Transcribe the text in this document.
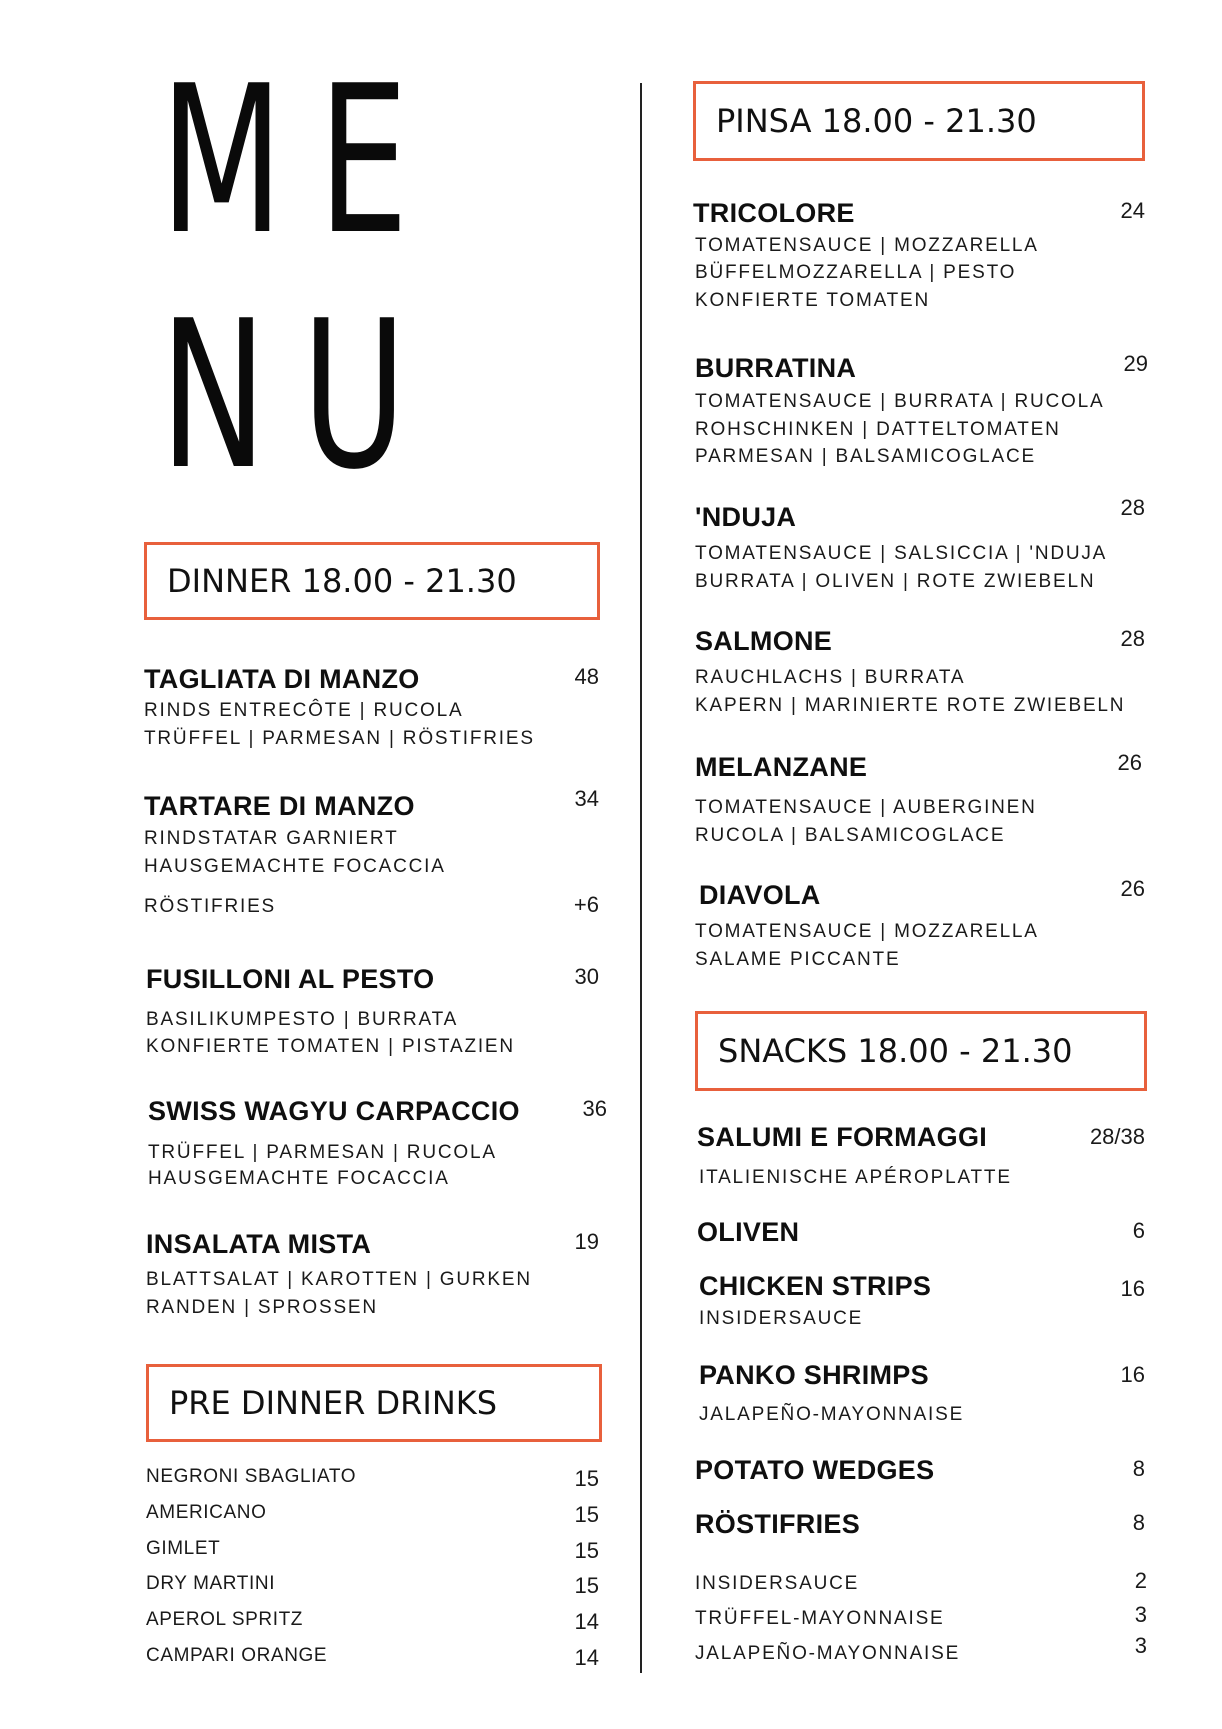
ME
NU
DINNER 18.00 - 21.30
TAGLIATA DI MANZO	48
RINDS ENTRECÔTE | RUCOLA
TRÜFFEL | PARMESAN | RÖSTIFRIES
TARTARE DI MANZO	34
RINDSTATAR GARNIERT
HAUSGEMACHTE FOCACCIA
RÖSTIFRIES	+6
FUSILLONI AL PESTO	30
BASILIKUMPESTO | BURRATA
KONFIERTE TOMATEN | PISTAZIEN
SWISS WAGYU CARPACCIO	36
TRÜFFEL | PARMESAN | RUCOLA
HAUSGEMACHTE FOCACCIA
INSALATA MISTA	19
BLATTSALAT | KAROTTEN | GURKEN
RANDEN | SPROSSEN
PRE DINNER DRINKS
NEGRONI SBAGLIATO	15
AMERICANO	15
GIMLET	15
DRY MARTINI	15
APEROL SPRITZ	14
CAMPARI ORANGE	14
PINSA 18.00 - 21.30
TRICOLORE	24
TOMATENSAUCE | MOZZARELLA
BÜFFELMOZZARELLA | PESTO
KONFIERTE TOMATEN
BURRATINA	29
TOMATENSAUCE | BURRATA | RUCOLA
ROHSCHINKEN | DATTELTOMATEN
PARMESAN | BALSAMICOGLACE
'NDUJA	28
TOMATENSAUCE | SALSICCIA | 'NDUJA
BURRATA | OLIVEN | ROTE ZWIEBELN
SALMONE	28
RAUCHLACHS | BURRATA
KAPERN | MARINIERTE ROTE ZWIEBELN
MELANZANE	26
TOMATENSAUCE | AUBERGINEN
RUCOLA | BALSAMICOGLACE
DIAVOLA	26
TOMATENSAUCE | MOZZARELLA
SALAME PICCANTE
SNACKS 18.00 - 21.30
SALUMI E FORMAGGI	28/38
ITALIENISCHE APÉROPLATTE
OLIVEN	6
CHICKEN STRIPS	16
INSIDERSAUCE
PANKO SHRIMPS	16
JALAPEÑO-MAYONNAISE
POTATO WEDGES	8
RÖSTIFRIES	8
INSIDERSAUCE	2
TRÜFFEL-MAYONNAISE	3
JALAPEÑO-MAYONNAISE	3
